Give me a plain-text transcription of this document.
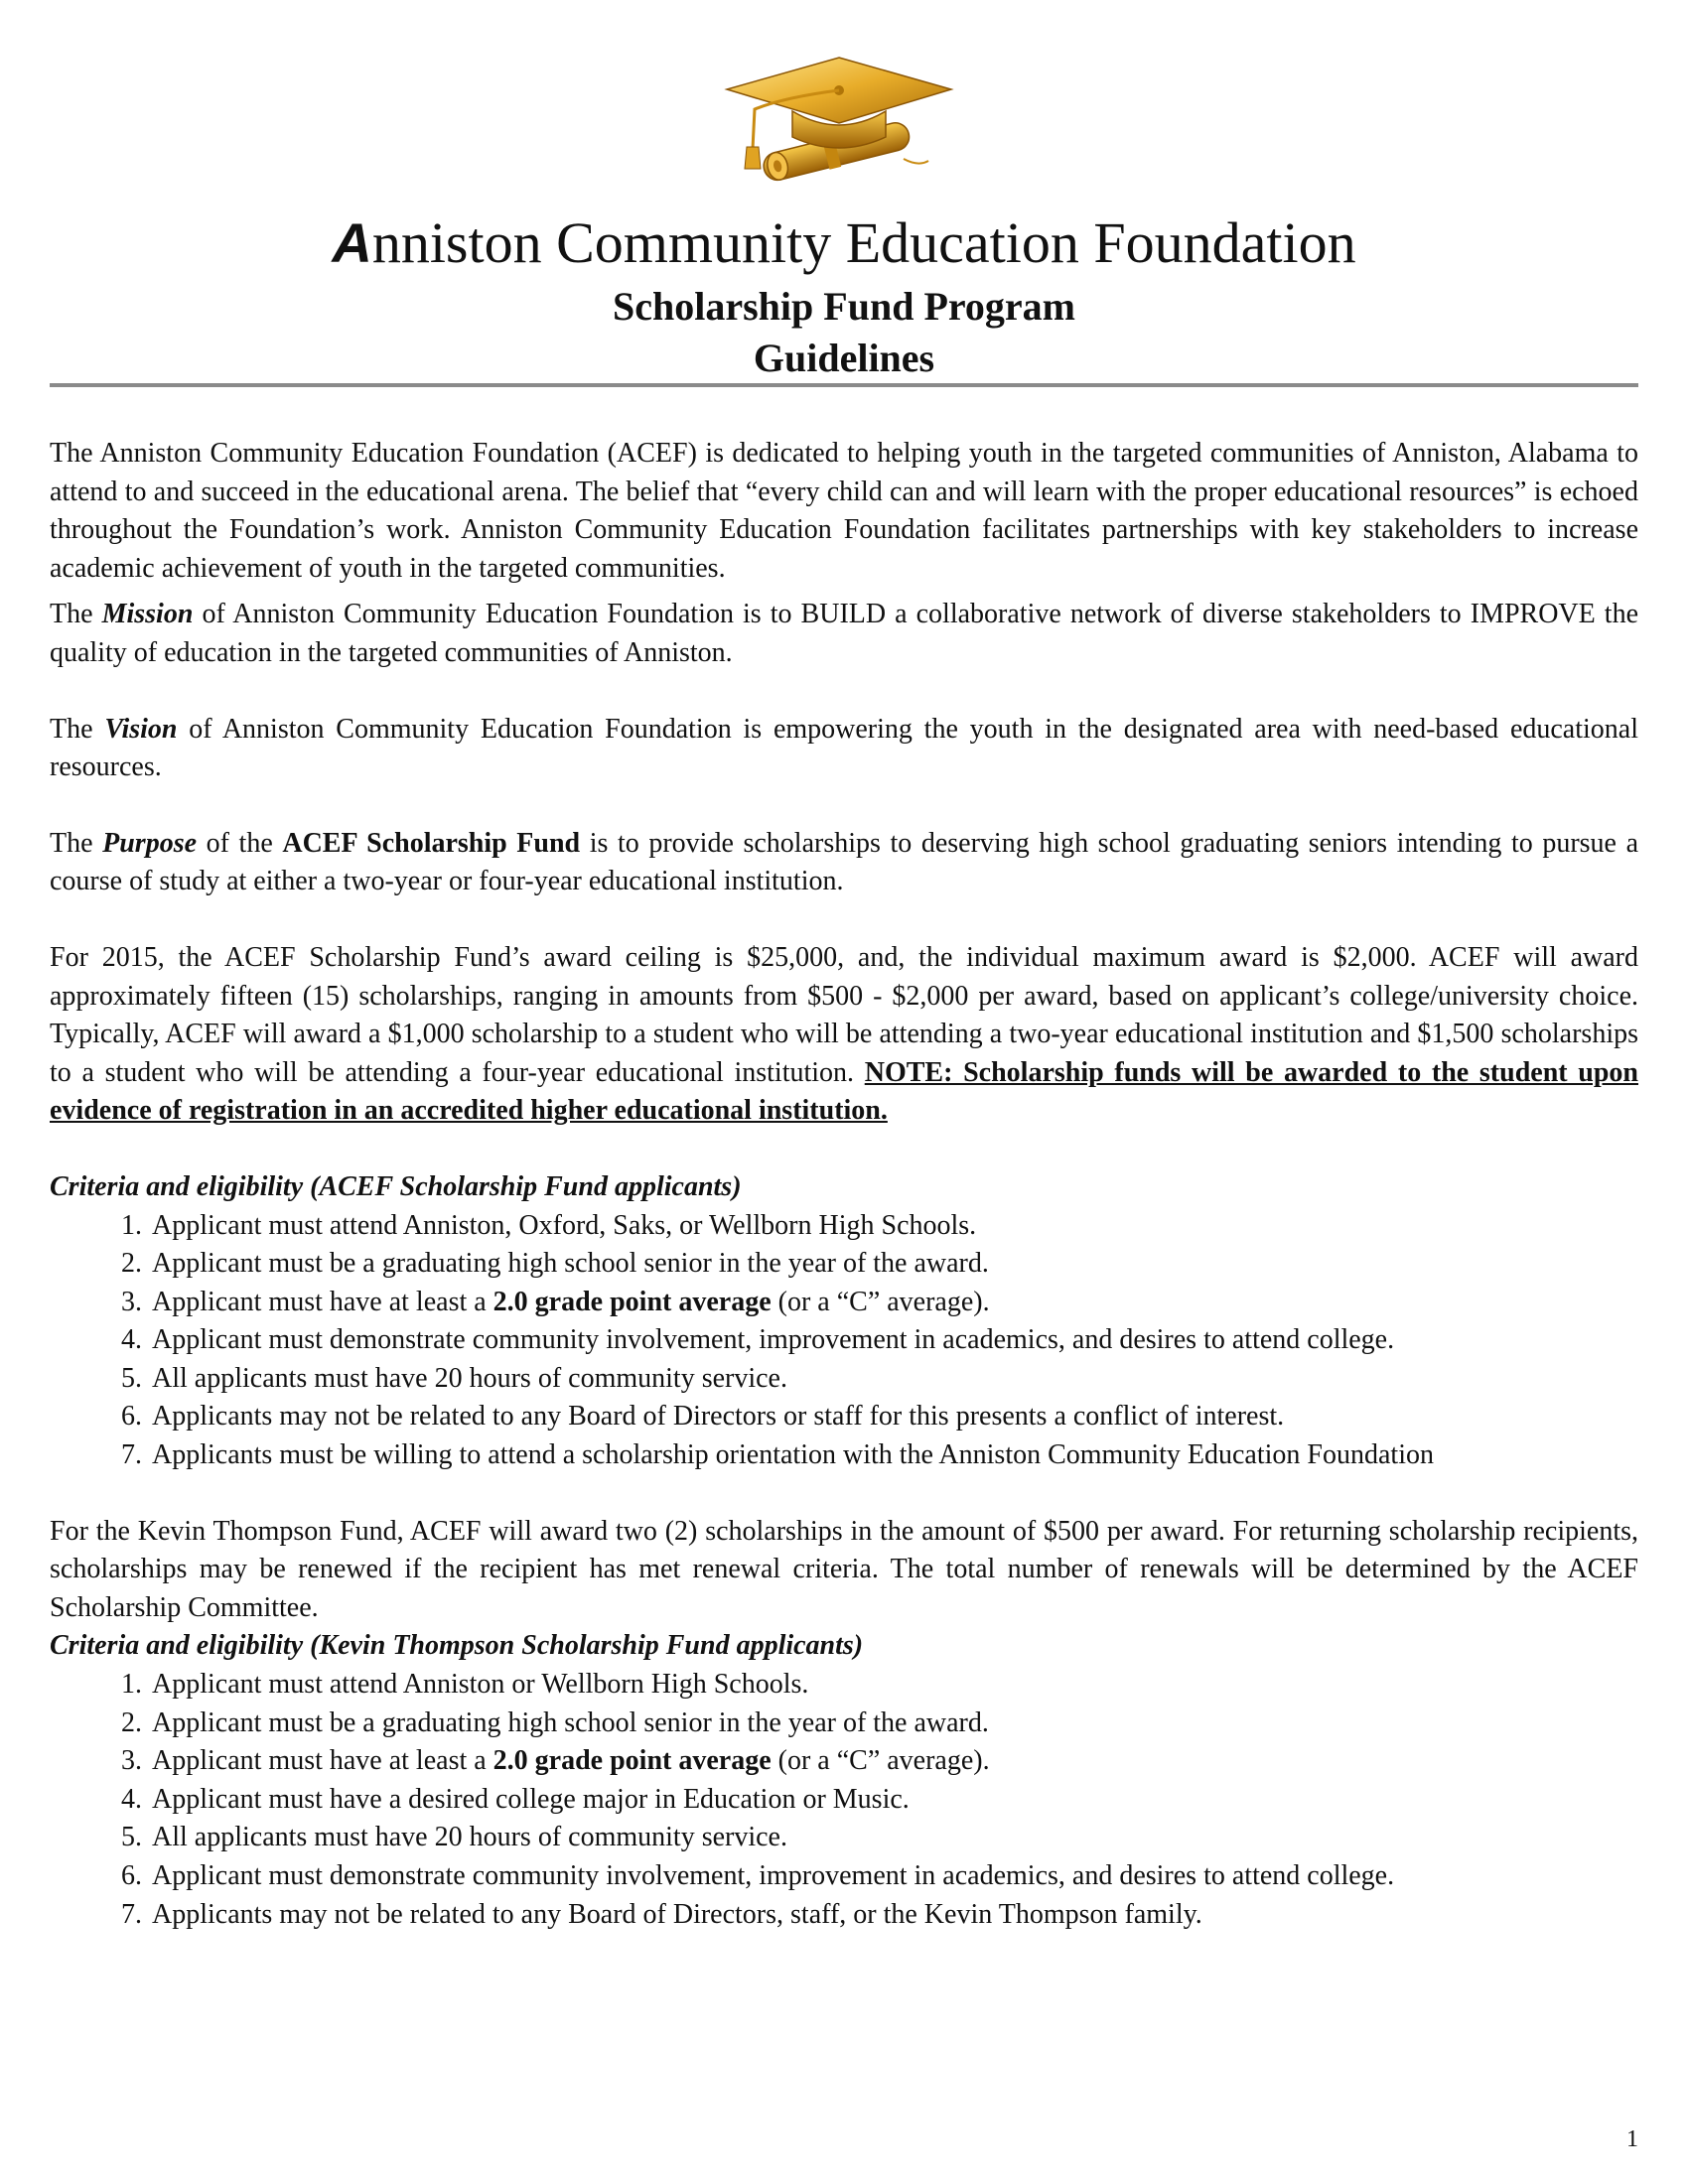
Anniston Community Education Foundation
Scholarship Fund Program
Guidelines

The Anniston Community Education Foundation (ACEF) is dedicated to helping youth in the targeted communities of Anniston, Alabama to attend to and succeed in the educational arena. The belief that “every child can and will learn with the proper educational resources” is echoed throughout the Foundation’s work. Anniston Community Education Foundation facilitates partnerships with key stakeholders to increase academic achievement of youth in the targeted communities.

The Mission of Anniston Community Education Foundation is to BUILD a collaborative network of diverse stakeholders to IMPROVE the quality of education in the targeted communities of Anniston.

The Vision of Anniston Community Education Foundation is empowering the youth in the designated area with need-based educational resources.

The Purpose of the ACEF Scholarship Fund is to provide scholarships to deserving high school graduating seniors intending to pursue a course of study at either a two-year or four-year educational institution.

For 2015, the ACEF Scholarship Fund’s award ceiling is $25,000, and, the individual maximum award is $2,000. ACEF will award approximately fifteen (15) scholarships, ranging in amounts from $500 - $2,000 per award, based on applicant’s college/university choice. Typically, ACEF will award a $1,000 scholarship to a student who will be attending a two-year educational institution and $1,500 scholarships to a student who will be attending a four-year educational institution. NOTE: Scholarship funds will be awarded to the student upon evidence of registration in an accredited higher educational institution.

Criteria and eligibility (ACEF Scholarship Fund applicants)

1. Applicant must attend Anniston, Oxford, Saks, or Wellborn High Schools.
2. Applicant must be a graduating high school senior in the year of the award.
3. Applicant must have at least a 2.0 grade point average (or a “C” average).
4. Applicant must demonstrate community involvement, improvement in academics, and desires to attend college.
5. All applicants must have 20 hours of community service.
6. Applicants may not be related to any Board of Directors or staff for this presents a conflict of interest.
7. Applicants must be willing to attend a scholarship orientation with the Anniston Community Education Foundation

For the Kevin Thompson Fund, ACEF will award two (2) scholarships in the amount of $500 per award. For returning scholarship recipients, scholarships may be renewed if the recipient has met renewal criteria. The total number of renewals will be determined by the ACEF Scholarship Committee.

Criteria and eligibility (Kevin Thompson Scholarship Fund applicants)

1. Applicant must attend Anniston or Wellborn High Schools.
2. Applicant must be a graduating high school senior in the year of the award.
3. Applicant must have at least a 2.0 grade point average (or a “C” average).
4. Applicant must have a desired college major in Education or Music.
5. All applicants must have 20 hours of community service.
6. Applicant must demonstrate community involvement, improvement in academics, and desires to attend college.
7. Applicants may not be related to any Board of Directors, staff, or the Kevin Thompson family.
1
